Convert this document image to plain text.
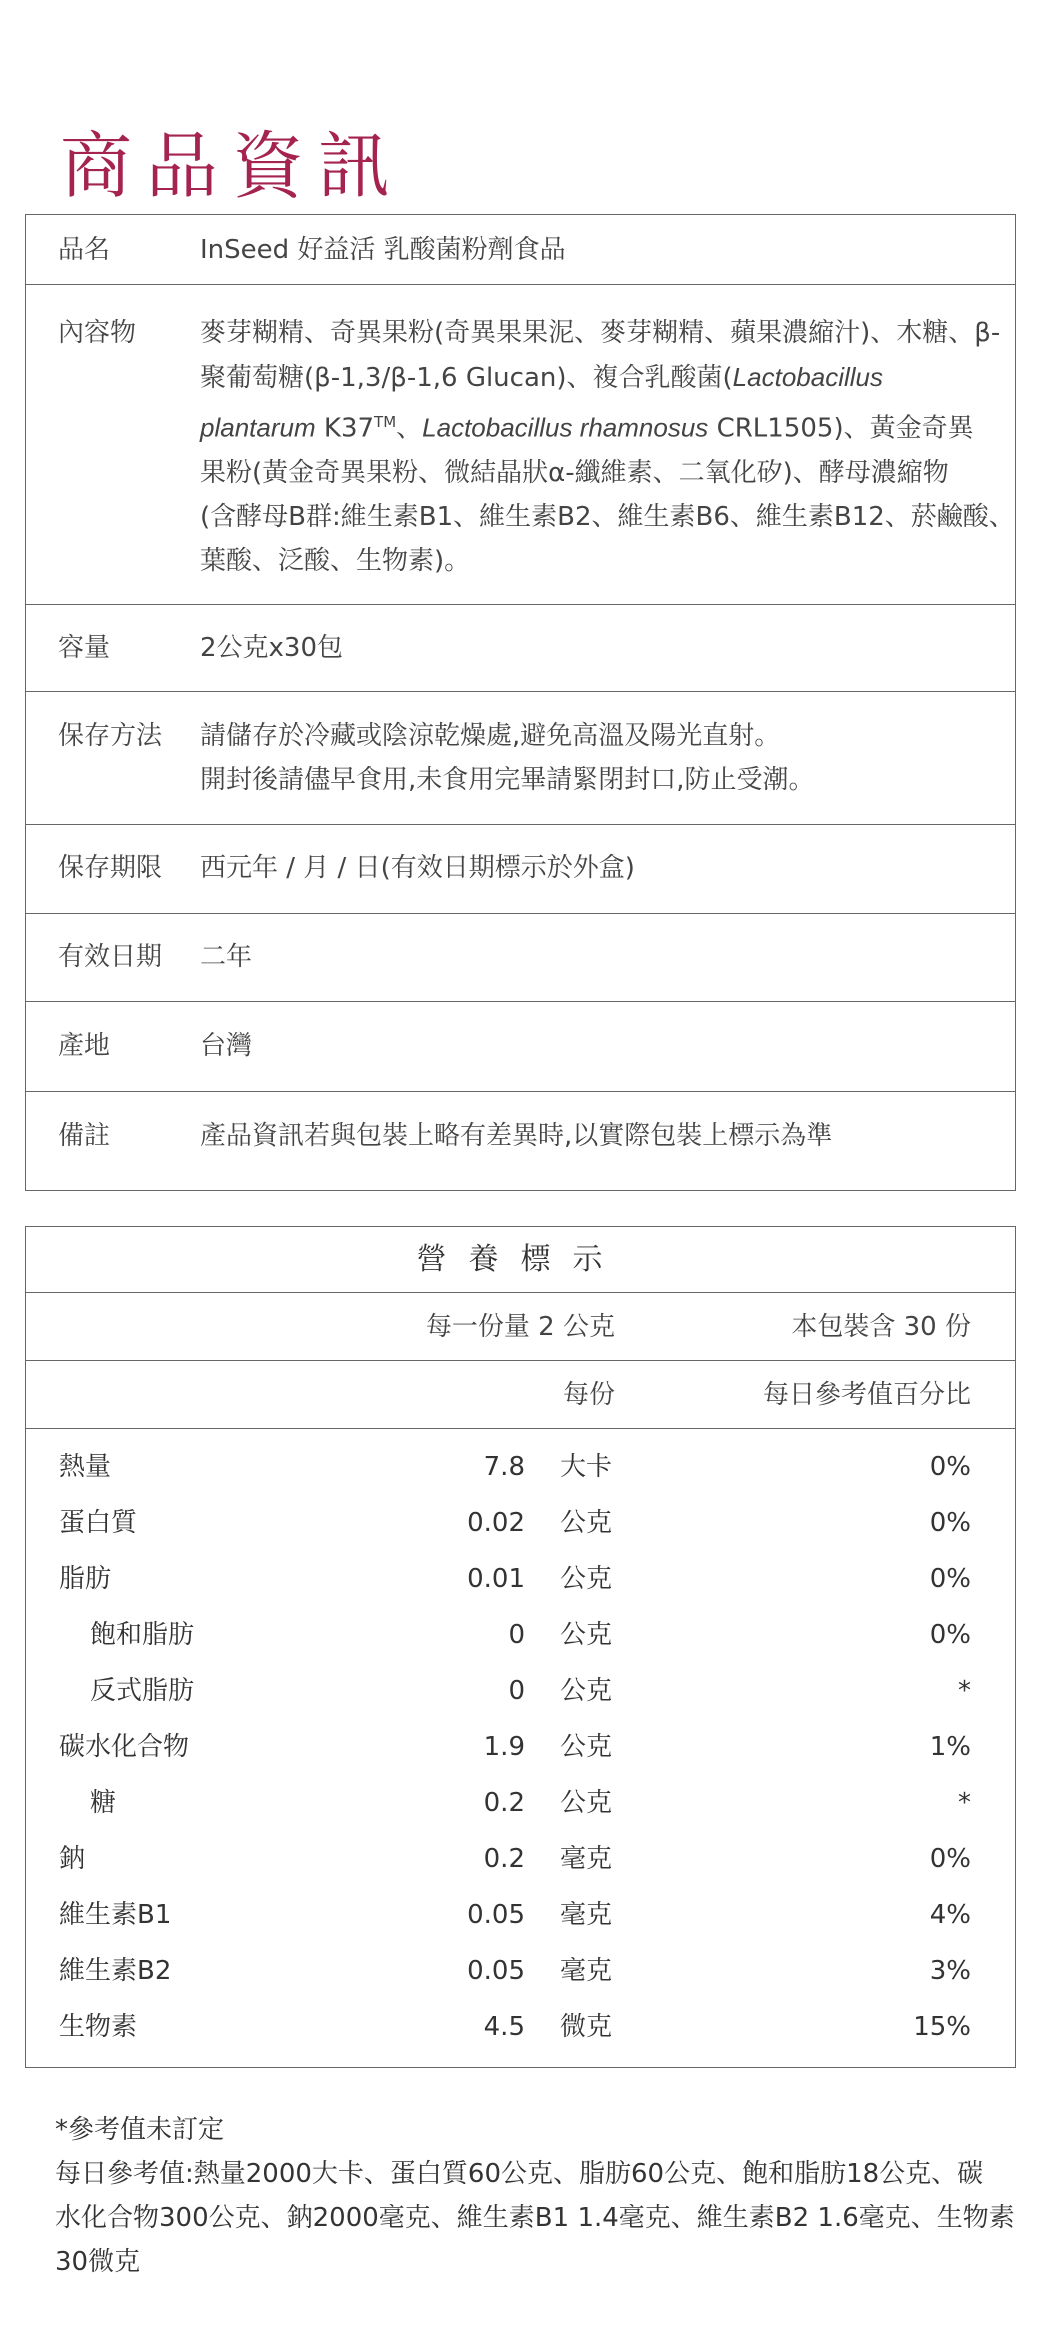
商品資訊
品名	InSeed 好益活 乳酸菌粉劑食品
內容物	麥芽糊精、奇異果粉(奇異果果泥、麥芽糊精、蘋果濃縮汁)、木糖、β-
聚葡萄糖(β-1,3/β-1,6 Glucan)、複合乳酸菌(Lactobacillus
plantarum K37™、Lactobacillus rhamnosus CRL1505)、黃金奇異
果粉(黃金奇異果粉、微結晶狀α-纖維素、二氧化矽)、酵母濃縮物
(含酵母B群:維生素B1、維生素B2、維生素B6、維生素B12、菸鹼酸、
葉酸、泛酸、生物素)。
容量	2公克x30包
保存方法	請儲存於冷藏或陰涼乾燥處,避免高溫及陽光直射。
開封後請儘早食用,未食用完畢請緊閉封口,防止受潮。
保存期限	西元年 / 月 / 日(有效日期標示於外盒)
有效日期	二年
產地	台灣
備註	產品資訊若與包裝上略有差異時,以實際包裝上標示為準
營養標示
每一份量 2 公克	本包裝含 30 份
每份	每日參考值百分比
熱量	7.8 大卡	0%
蛋白質	0.02 公克	0%
脂肪	0.01 公克	0%
飽和脂肪	0 公克	0%
反式脂肪	0 公克	*
碳水化合物	1.9 公克	1%
糖	0.2 公克	*
鈉	0.2 毫克	0%
維生素B1	0.05 毫克	4%
維生素B2	0.05 毫克	3%
生物素	4.5 微克	15%
*參考值未訂定
每日參考值:熱量2000大卡、蛋白質60公克、脂肪60公克、飽和脂肪18公克、碳
水化合物300公克、鈉2000毫克、維生素B1 1.4毫克、維生素B2 1.6毫克、生物素
30微克
